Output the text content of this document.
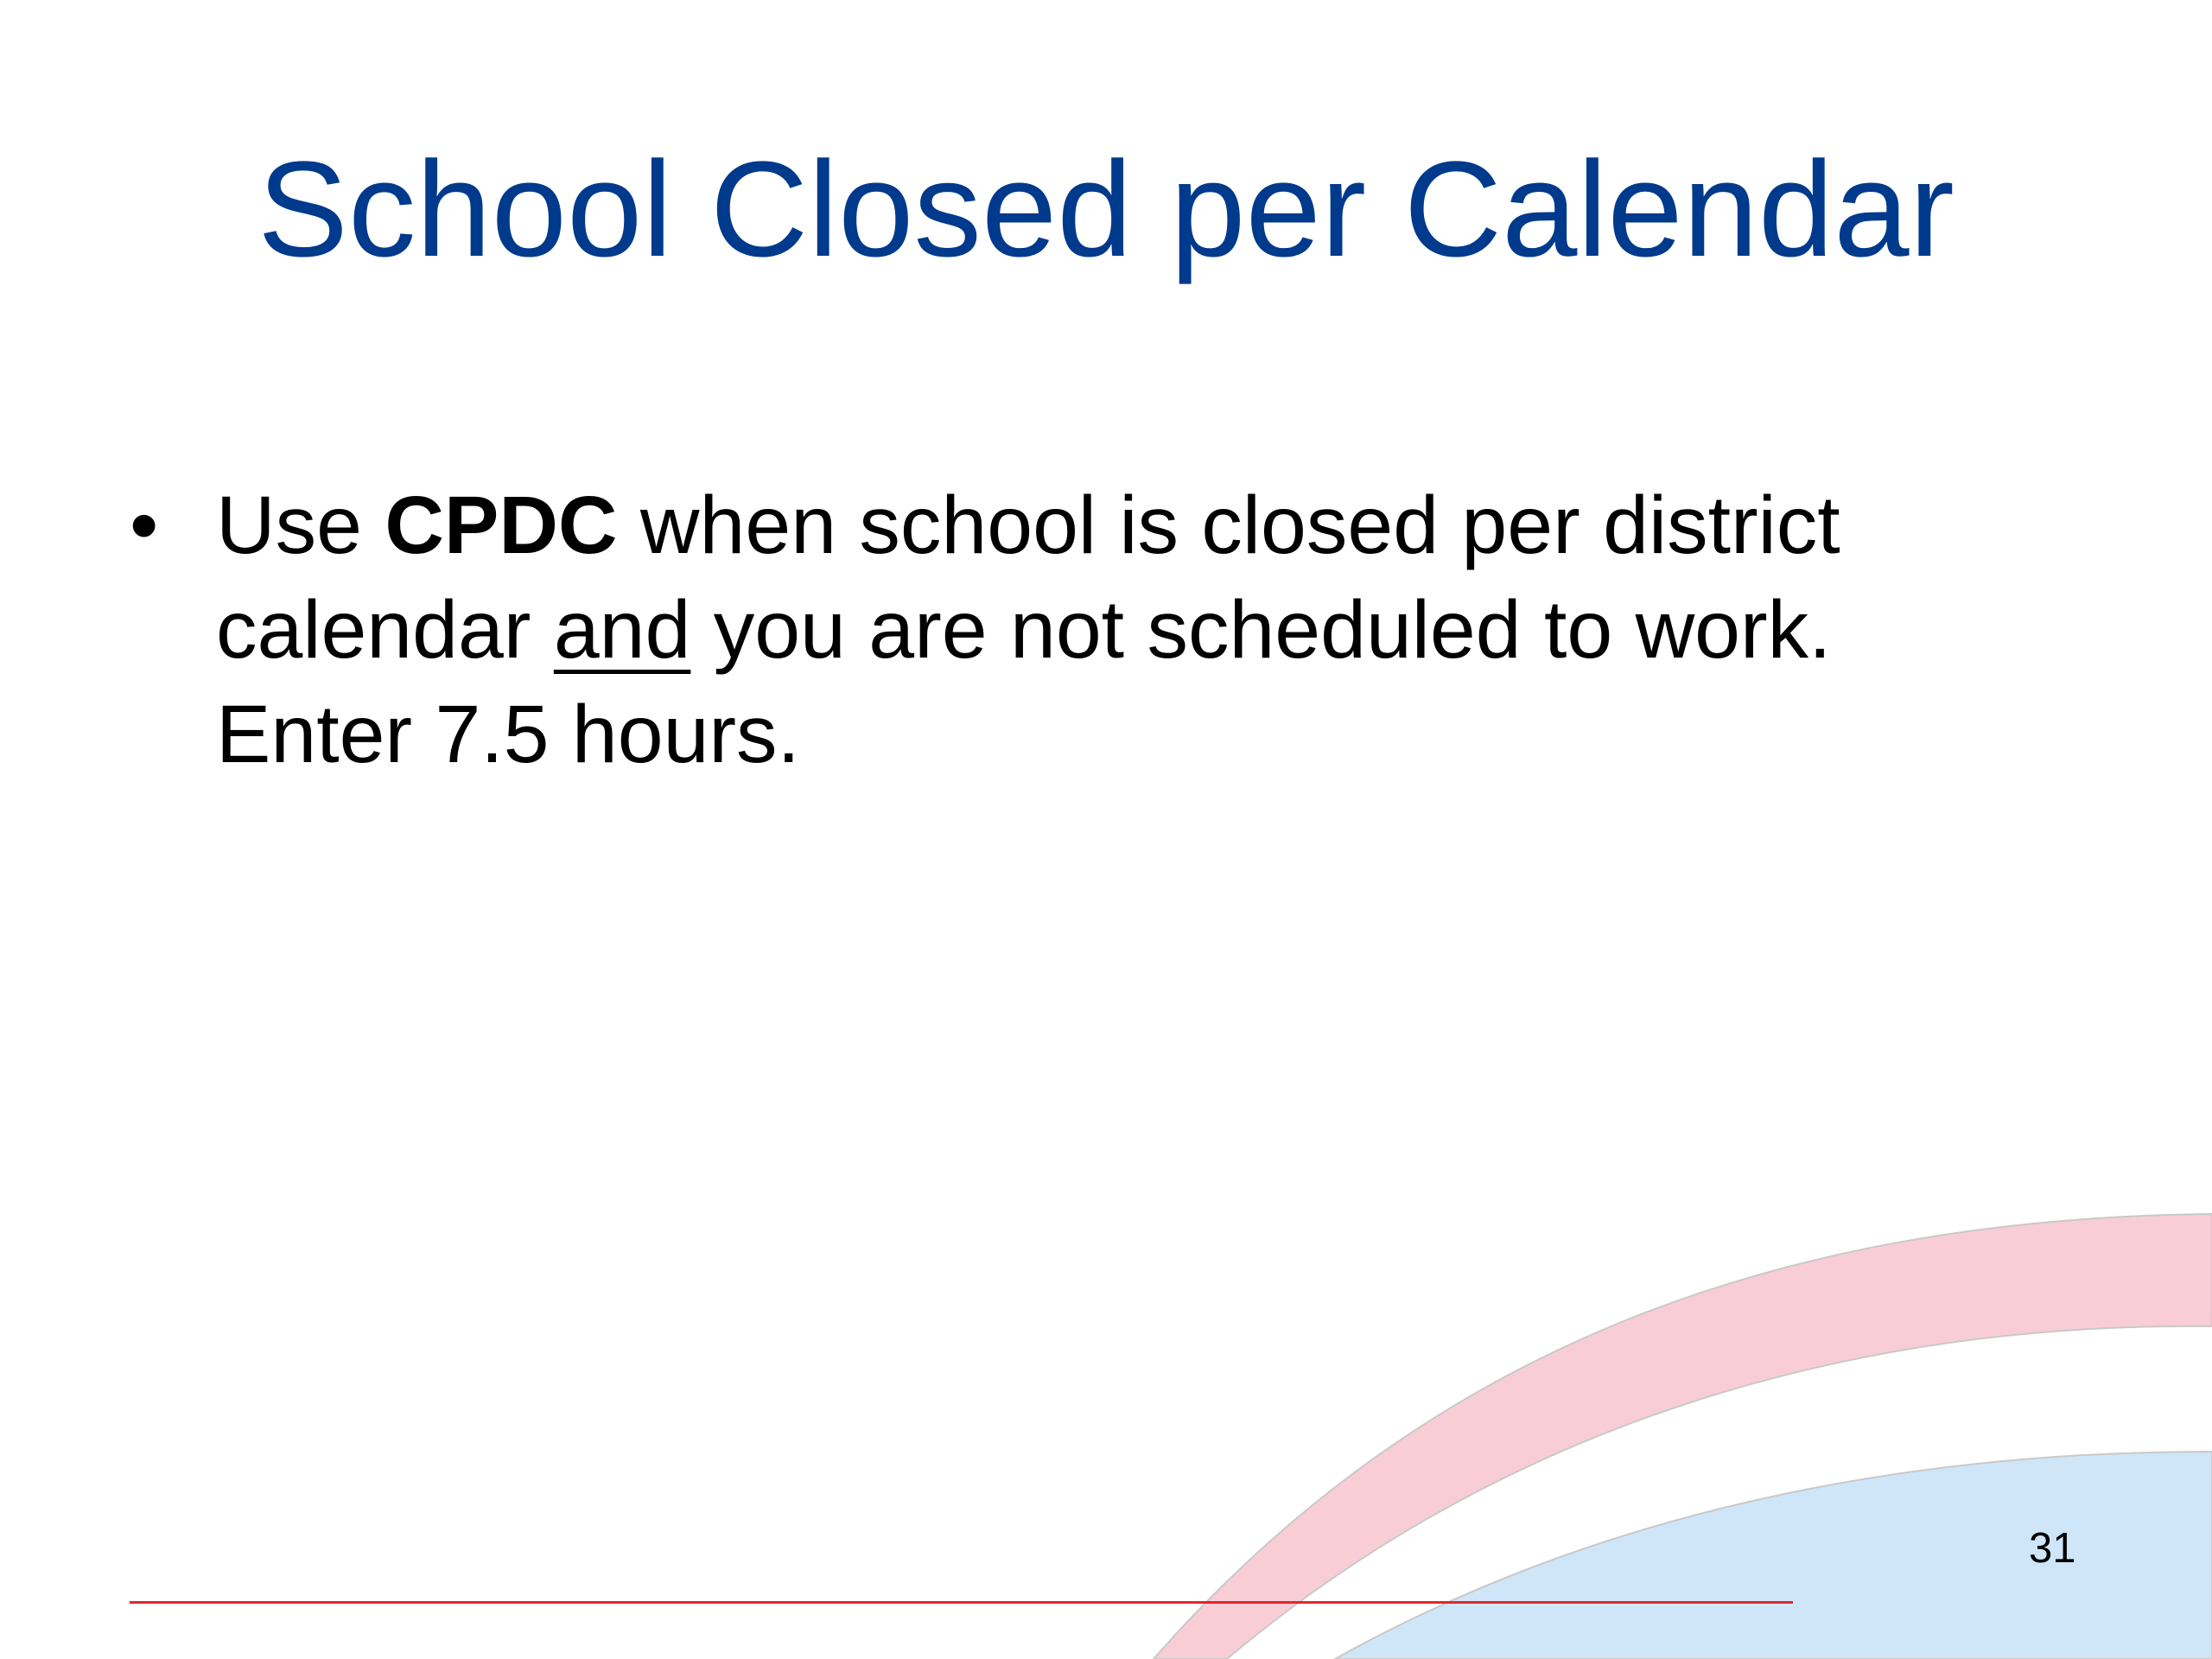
School Closed per Calendar
• Use CPDC when school is closed per district
calendar and you are not scheduled to work.
Enter 7.5 hours.
31
